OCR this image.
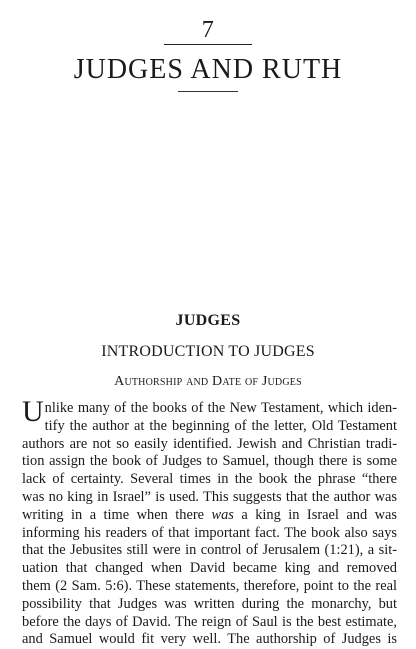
7
JUDGES AND RUTH
JUDGES
INTRODUCTION TO JUDGES
Authorship and Date of Judges
U nlike many of the books of the New Testament, which iden-
tify the author at the beginning of the letter, Old Testament
authors are not so easily identified. Jewish and Christian tradi-
tion assign the book of Judges to Samuel, though there is some
lack of certainty. Several times in the book the phrase “there
was no king in Israel” is used. This suggests that the author was
writing in a time when there was a king in Israel and was
informing his readers of that important fact. The book also says
that the Jebusites still were in control of Jerusalem (1:21), a sit-
uation that changed when David became king and removed
them (2 Sam. 5:6). These statements, therefore, point to the real
possibility that Judges was written during the monarchy, but
before the days of David. The reign of Saul is the best estimate,
and Samuel would fit very well. The authorship of Judges is
